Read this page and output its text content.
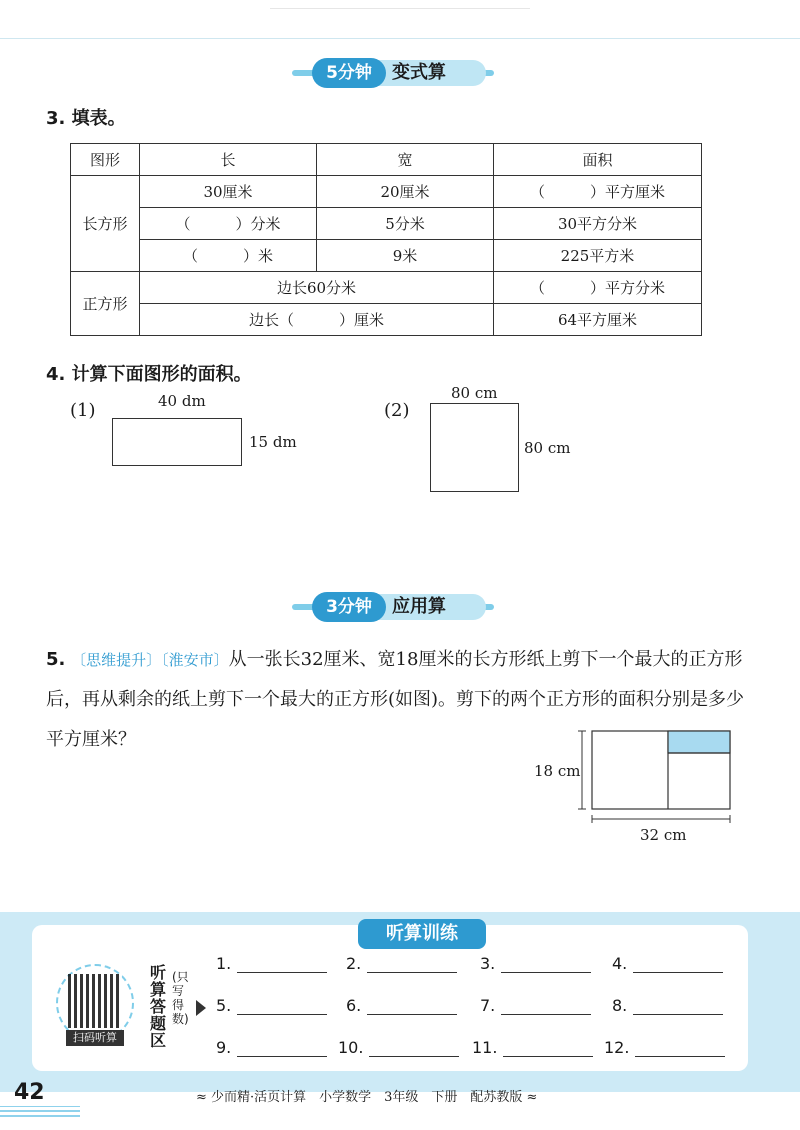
5分钟	变式算
3. 填表。
图形	长	宽	面积
长方形	30厘米	20厘米	（　　　）平方厘米
	（　　　）分米	5分米	30平方分米
	（　　　）米	9米	225平方米
正方形	边长60分米		（　　　）平方分米
	边长（　　　）厘米		64平方厘米
4. 计算下面图形的面积。
(1)	40 dm
15 dm
(2)
80 cm
80 cm
3分钟	应用算
5. 〔思维提升〕〔淮安市〕从一张长32厘米、宽18厘米的长方形纸上剪下一个最大的正方形后，再从剩余的纸上剪下一个最大的正方形(如图)。剪下的两个正方形的面积分别是多少平方厘米？
18 cm
32 cm
听算训练
扫码听算
听算答题区
(只写得数)
1.	2.	3.	4.
5.	6.	7.	8.
9.	10.	11.	12.
42	≈ 少而精·活页计算　小学数学　3年级　下册　配苏教版 ≈
